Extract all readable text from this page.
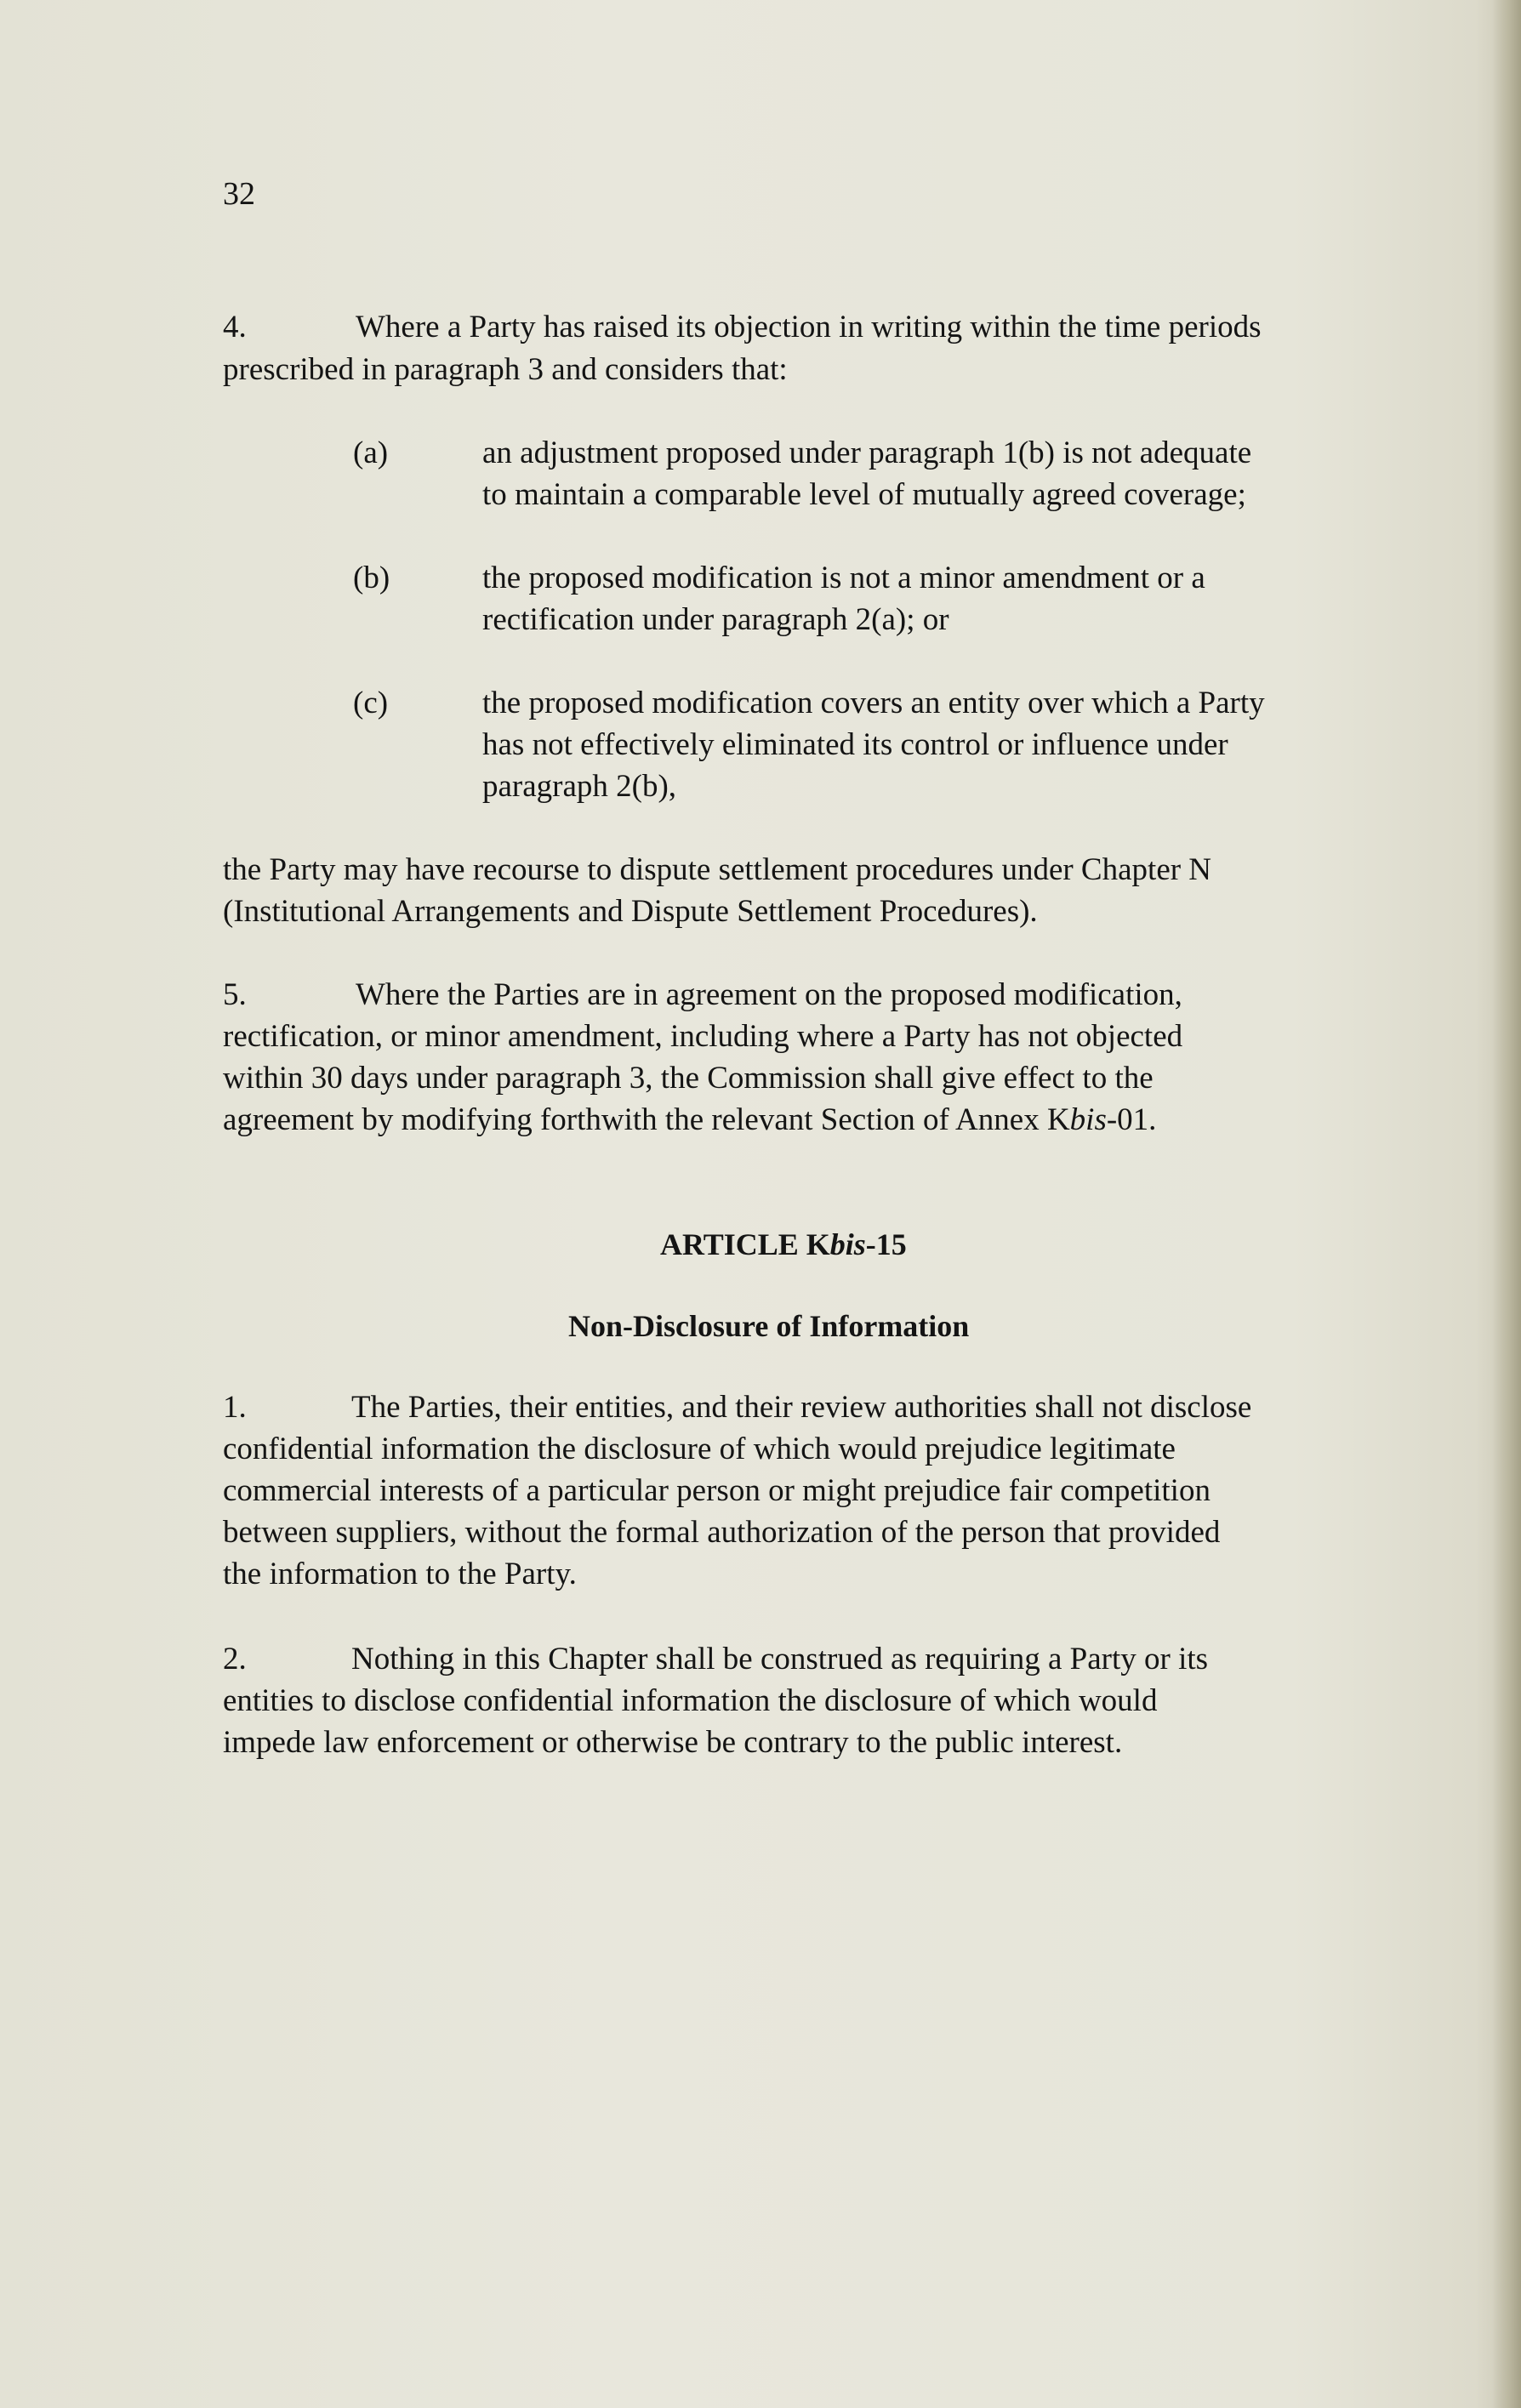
32
4.	Where a Party has raised its objection in writing within the time periods
prescribed in paragraph 3 and considers that:
(a)	an adjustment proposed under paragraph 1(b) is not adequate
to maintain a comparable level of mutually agreed coverage;
(b)	the proposed modification is not a minor amendment or a
rectification under paragraph 2(a); or
(c)	the proposed modification covers an entity over which a Party
has not effectively eliminated its control or influence under
paragraph 2(b),
the Party may have recourse to dispute settlement procedures under Chapter N
(Institutional Arrangements and Dispute Settlement Procedures).
5.	Where the Parties are in agreement on the proposed modification,
rectification, or minor amendment, including where a Party has not objected
within 30 days under paragraph 3, the Commission shall give effect to the
agreement by modifying forthwith the relevant Section of Annex Kbis-01.
ARTICLE Kbis-15
Non-Disclosure of Information
1.	The Parties, their entities, and their review authorities shall not disclose
confidential information the disclosure of which would prejudice legitimate
commercial interests of a particular person or might prejudice fair competition
between suppliers, without the formal authorization of the person that provided
the information to the Party.
2.	Nothing in this Chapter shall be construed as requiring a Party or its
entities to disclose confidential information the disclosure of which would
impede law enforcement or otherwise be contrary to the public interest.
